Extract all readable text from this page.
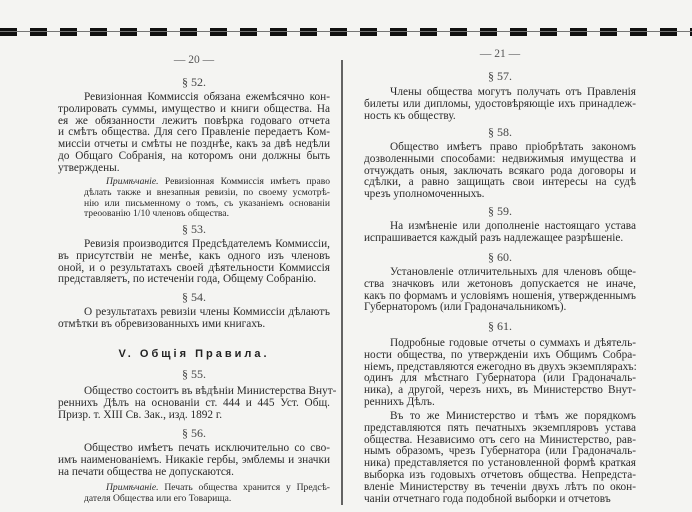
— 20 —
§ 52.
Ревизіонная Коммиссія обязана ежемѣсячно кон-
тролировать суммы, имущество и книги общества. На
ея же обязанности лежитъ повѣрка годоваго отчета
и смѣтъ общества. Для сего Правленіе передаетъ Ком-
миссіи отчеты и смѣты не позднѣе, какъ за двѣ недѣли
до Общаго Собранія, на которомъ они должны быть
утверждены.
Примѣчаніе. Ревизіонная Коммиссія имѣетъ право
дѣлать также и внезапныя ревизіи, по своему усмотрѣ-
нію или письменному о томъ, съ указаніемъ основаніи
треоованію 1/10 членовъ общества.
§ 53.
Ревизія производится Предсѣдателемъ Коммиссіи,
въ присутствіи не менѣе, какъ одного изъ членовъ
оной, и о результатахъ своей дѣятельности Коммиссія
представляетъ, по истеченіи года, Общему Собранію.
§ 54.
О результатахъ ревизіи члены Коммиссіи дѣлаютъ
отмѣтки въ обревизованныхъ ими книгахъ.
V. Общія Правила.
§ 55.
Общество состоитъ въ вѣдѣніи Министерства Внут-
реннихъ Дѣлъ на основаніи ст. 444 и 445 Уст. Общ.
Призр. т. XIII Св. Зак., изд. 1892 г.
§ 56.
Общество имѣетъ печать исключительно со сво-
имъ наименованіемъ. Никакіе гербы, эмблемы и значки
на печати общества не допускаются.
Примѣчаніе. Печать общества хранится у Предсѣ-
дателя Общества или его Товарища.
— 21 —
§ 57.
Члены общества могутъ получать отъ Правленія
билеты или дипломы, удостовѣряющіе ихъ принадлеж-
ность къ обществу.
§ 58.
Общество имѣетъ право пріобрѣтать закономъ
дозволенными способами: недвижимыя имущества и
отчуждать оныя, заключать всякаго рода договоры и
сдѣлки, а равно защищать свои интересы на судѣ
чрезъ уполномоченныхъ.
§ 59.
На измѣненіе или дополненіе настоящаго устава
испрашивается каждый разъ надлежащее разрѣшеніе.
§ 60.
Установленіе отличительныхъ для членовъ обще-
ства значковъ или жетоновъ допускается не иначе,
какъ по формамъ и условіямъ ношенія, утвержденнымъ
Губернаторомъ (или Градоначальникомъ).
§ 61.
Подробные годовые отчеты о суммахъ и дѣятель-
ности общества, по утвержденіи ихъ Общимъ Собра-
ніемъ, представляются ежегодно въ двухъ экземплярахъ:
одинъ для мѣстнаго Губернатора (или Градоначаль-
ника), а другой, черезъ нихъ, въ Министерство Внут-
реннихъ Дѣлъ.
Въ то же Министерство и тѣмъ же порядкомъ
представляются пять печатныхъ экземпляровъ устава
общества. Независимо отъ сего на Министерство, рав-
нымъ образомъ, чрезъ Губернатора (или Градоначаль-
ника) представляется по установленной формѣ краткая
выборка изъ годовыхъ отчетовъ общества. Непредста-
вленіе Министерству въ теченіи двухъ лѣтъ по окон-
чаніи отчетнаго года подобной выборки и отчетовъ
